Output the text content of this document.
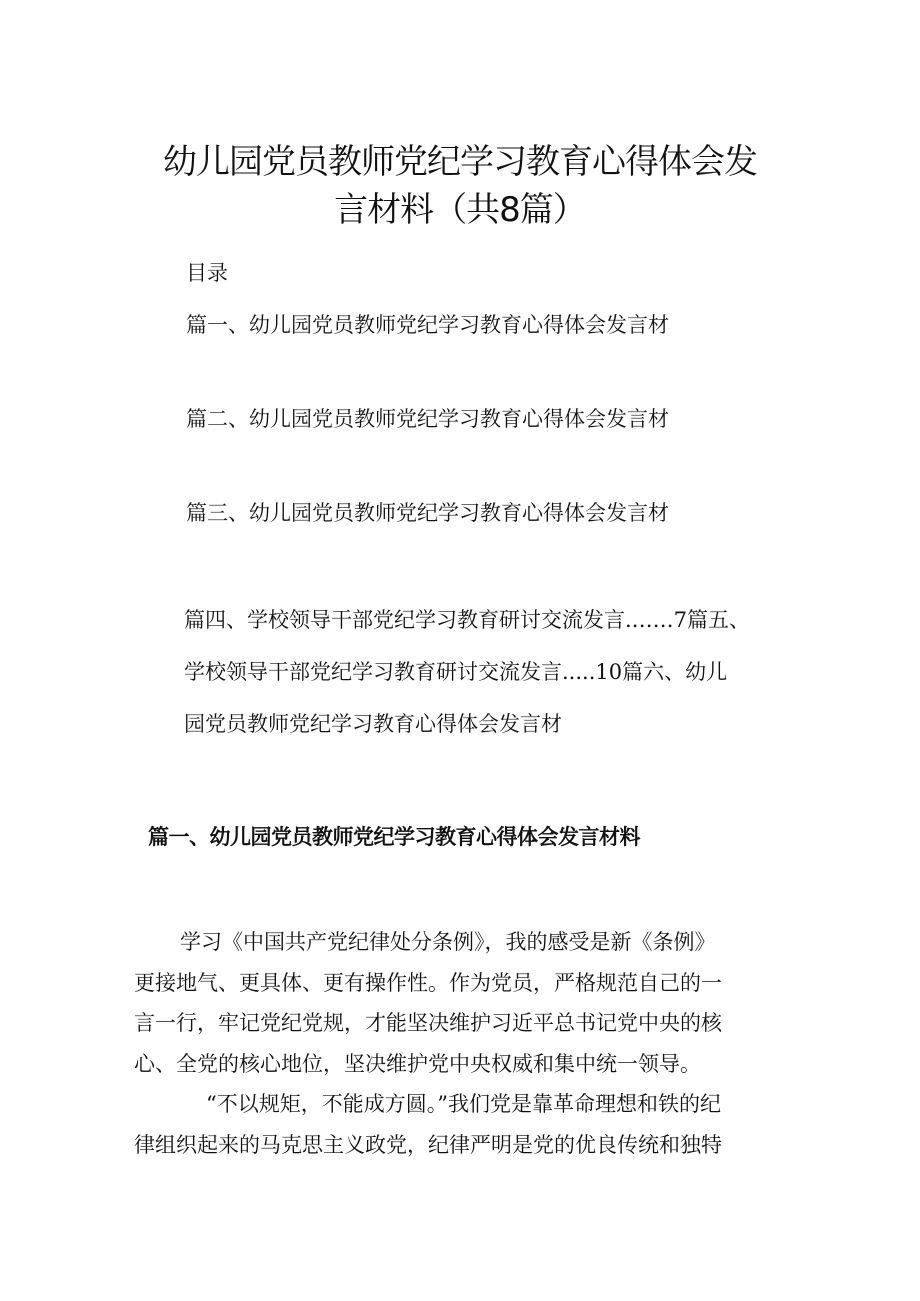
幼儿园党员教师党纪学习教育心得体会发
言材料（共8篇）
目录
篇一、幼儿园党员教师党纪学习教育心得体会发言材
篇二、幼儿园党员教师党纪学习教育心得体会发言材
篇三、幼儿园党员教师党纪学习教育心得体会发言材
篇四、学校领导干部党纪学习教育研讨交流发言.……7篇五、
学校领导干部党纪学习教育研讨交流发言.....10篇六、幼儿
园党员教师党纪学习教育心得体会发言材
篇一、幼儿园党员教师党纪学习教育心得体会发言材料
学习《中国共产党纪律处分条例》，我的感受是新《条例》
更接地气、更具体、更有操作性。作为党员，严格规范自己的一
言一行，牢记党纪党规，才能坚决维护习近平总书记党中央的核
心、全党的核心地位，坚决维护党中央权威和集中统一领导。
“不以规矩，不能成方圆。”我们党是靠革命理想和铁的纪
律组织起来的马克思主义政党，纪律严明是党的优良传统和独特
